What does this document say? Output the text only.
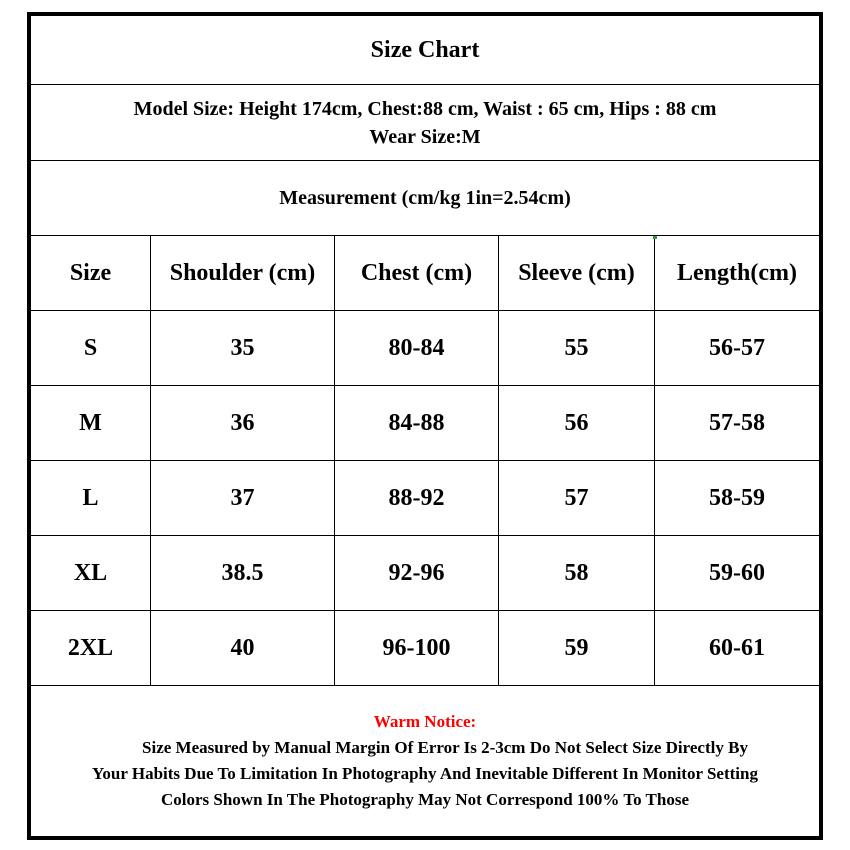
Size Chart
Model Size: Height 174cm, Chest:88 cm, Waist : 65 cm, Hips : 88 cm
Wear Size:M
Measurement (cm/kg 1in=2.54cm)
Size	Shoulder (cm)	Chest (cm)	Sleeve (cm)	Length(cm)
S	35	80-84	55	56-57
M	36	84-88	56	57-58
L	37	88-92	57	58-59
XL	38.5	92-96	58	59-60
2XL	40	96-100	59	60-61
Warm Notice:
Size Measured by Manual Margin Of Error Is 2-3cm Do Not Select Size Directly By
Your Habits Due To Limitation In Photography And Inevitable Different In Monitor Setting
Colors Shown In The Photography May Not Correspond 100% To Those
